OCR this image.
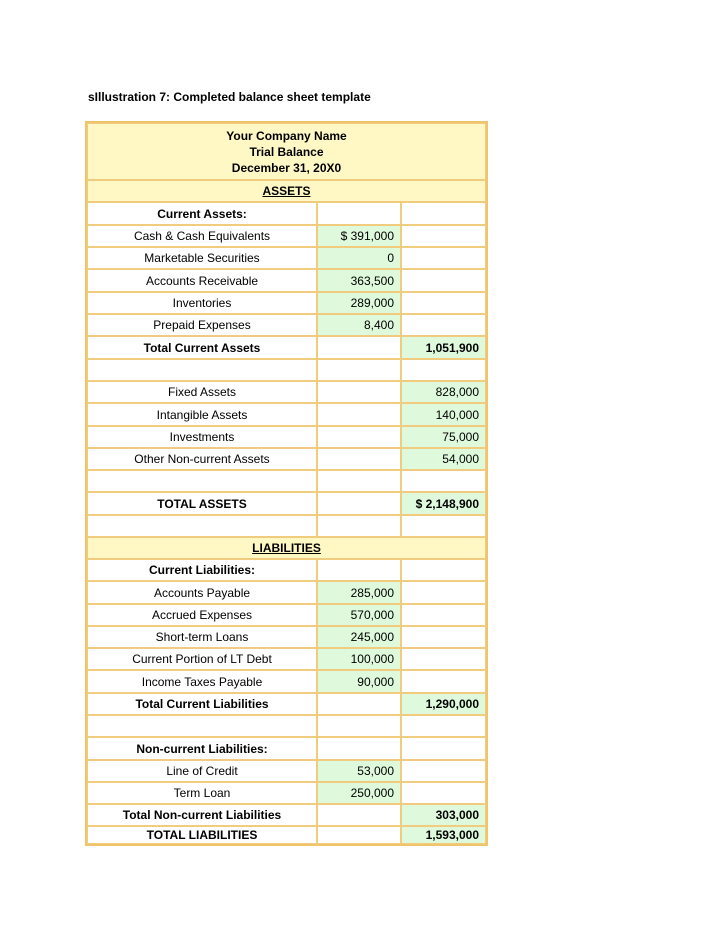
sIllustration 7: Completed balance sheet template
Your Company Name
Trial Balance
December 31, 20X0
ASSETS
Current Assets:
Cash & Cash Equivalents	$ 391,000
Marketable Securities	0
Accounts Receivable	363,500
Inventories	289,000
Prepaid Expenses	8,400
Total Current Assets	1,051,900
Fixed Assets	828,000
Intangible Assets	140,000
Investments	75,000
Other Non-current Assets	54,000
TOTAL ASSETS	$ 2,148,900
LIABILITIES
Current Liabilities:
Accounts Payable	285,000
Accrued Expenses	570,000
Short-term Loans	245,000
Current Portion of LT Debt	100,000
Income Taxes Payable	90,000
Total Current Liabilities	1,290,000
Non-current Liabilities:
Line of Credit	53,000
Term Loan	250,000
Total Non-current Liabilities	303,000
TOTAL LIABILITIES	1,593,000
